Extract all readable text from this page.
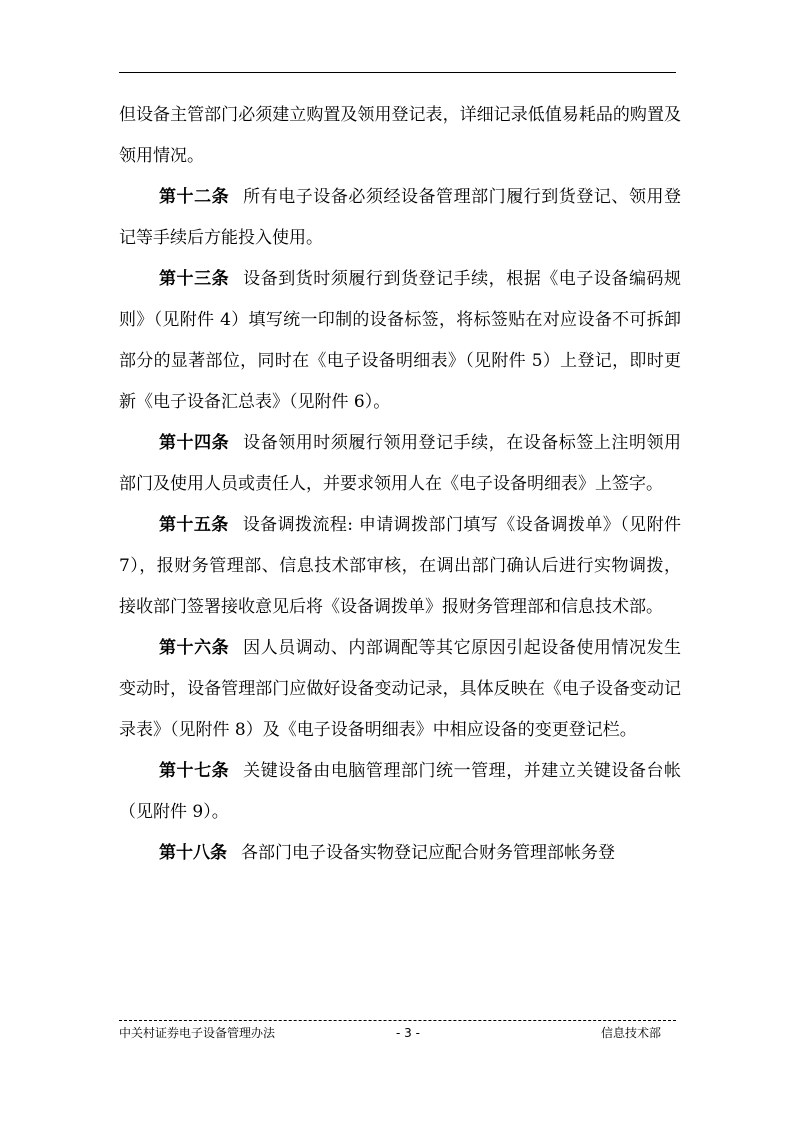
但设备主管部门必须建立购置及领用登记表，详细记录低值易耗品的购置及领用情况。

第十二条 所有电子设备必须经设备管理部门履行到货登记、领用登记等手续后方能投入使用。

第十三条 设备到货时须履行到货登记手续，根据《电子设备编码规则》（见附件 4）填写统一印制的设备标签，将标签贴在对应设备不可拆卸部分的显著部位，同时在《电子设备明细表》（见附件 5）上登记，即时更新《电子设备汇总表》（见附件 6）。

第十四条 设备领用时须履行领用登记手续，在设备标签上注明领用部门及使用人员或责任人，并要求领用人在《电子设备明细表》上签字。

第十五条 设备调拨流程: 申请调拨部门填写《设备调拨单》（见附件 7），报财务管理部、信息技术部审核，在调出部门确认后进行实物调拨，接收部门签署接收意见后将《设备调拨单》报财务管理部和信息技术部。

第十六条 因人员调动、内部调配等其它原因引起设备使用情况发生变动时，设备管理部门应做好设备变动记录，具体反映在《电子设备变动记录表》（见附件 8）及《电子设备明细表》中相应设备的变更登记栏。

第十七条 关键设备由电脑管理部门统一管理，并建立关键设备台帐（见附件 9）。

第十八条 各部门电子设备实物登记应配合财务管理部帐务登

中关村证券电子设备管理办法	- 3 -	信息技术部
